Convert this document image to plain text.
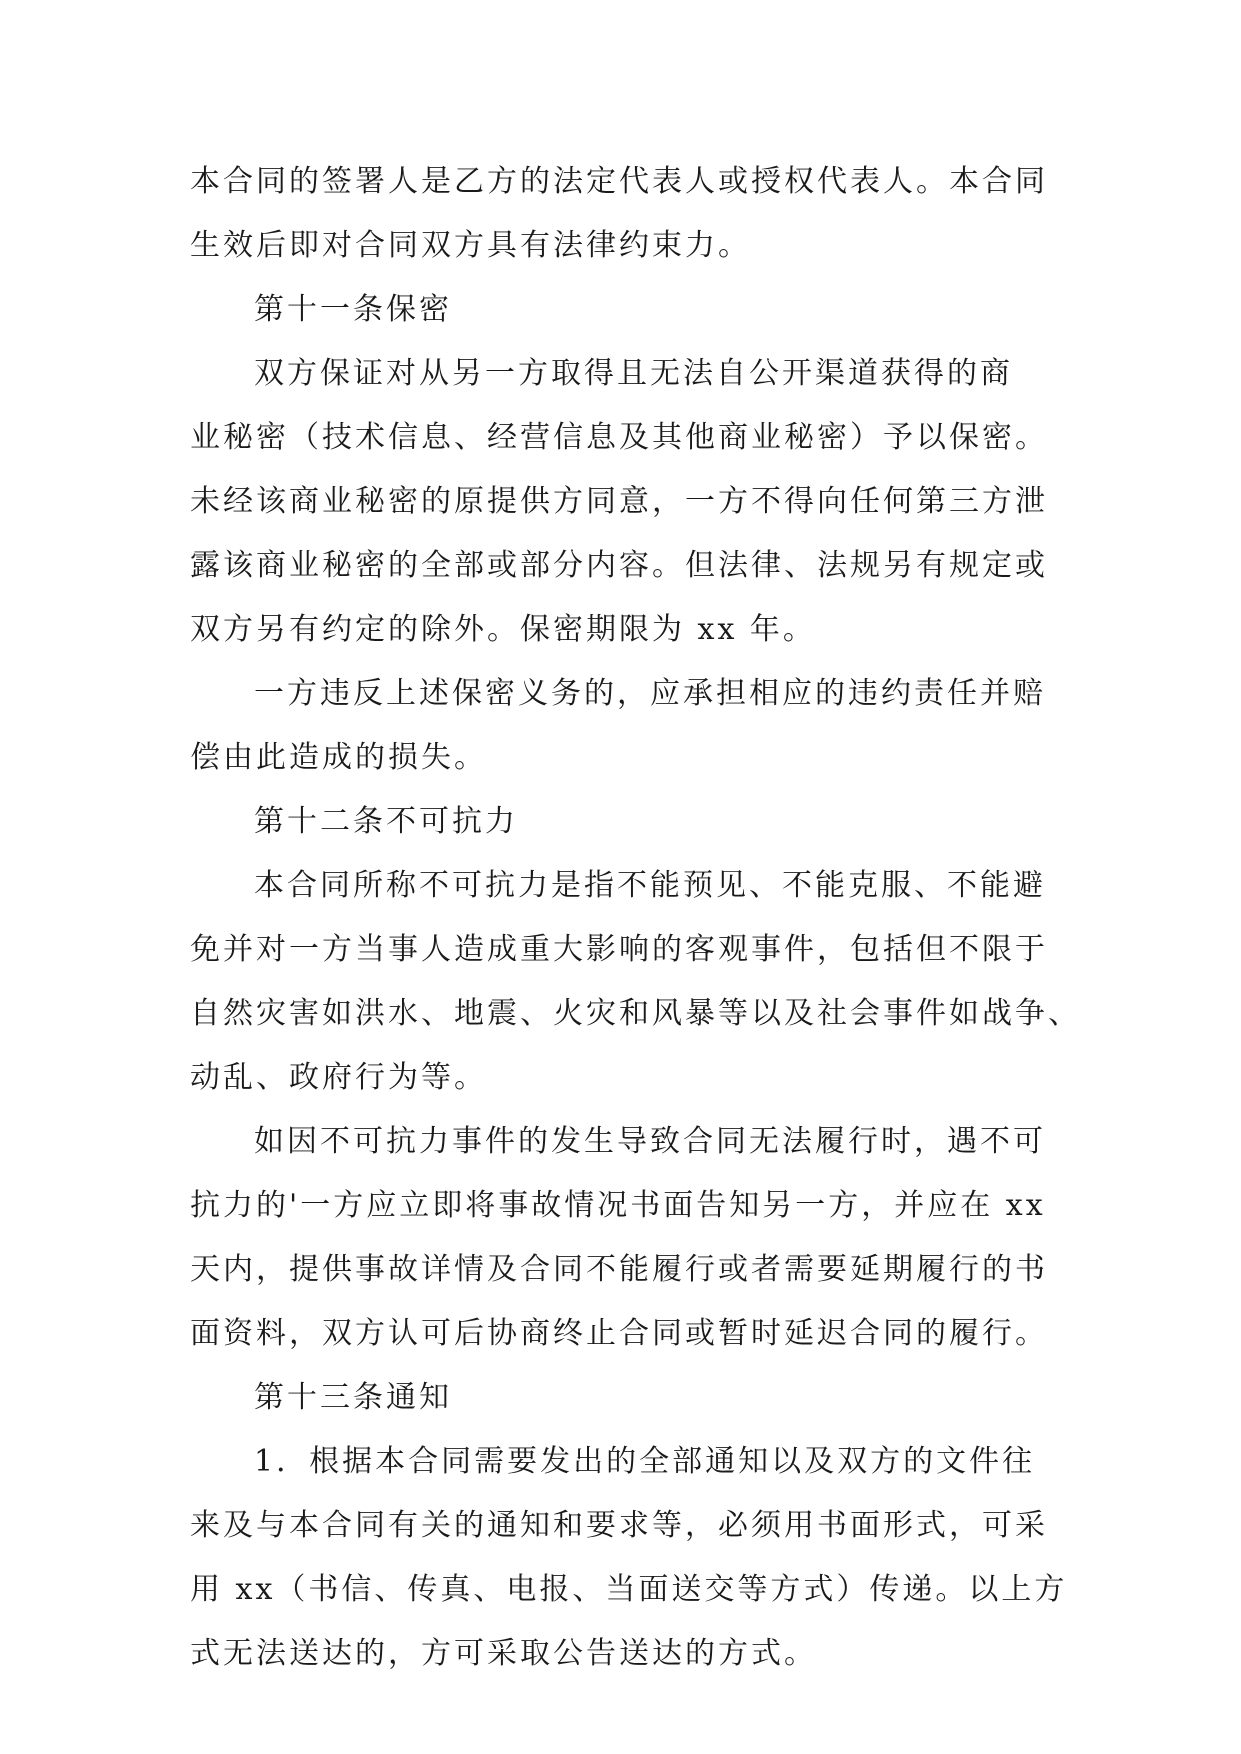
本合同的签署人是乙方的法定代表人或授权代表人。本合同
生效后即对合同双方具有法律约束力。
第十一条保密
双方保证对从另一方取得且无法自公开渠道获得的商
业秘密（技术信息、经营信息及其他商业秘密）予以保密。
未经该商业秘密的原提供方同意，一方不得向任何第三方泄
露该商业秘密的全部或部分内容。但法律、法规另有规定或
双方另有约定的除外。保密期限为 xx 年。
一方违反上述保密义务的，应承担相应的违约责任并赔
偿由此造成的损失。
第十二条不可抗力
本合同所称不可抗力是指不能预见、不能克服、不能避
免并对一方当事人造成重大影响的客观事件，包括但不限于
自然灾害如洪水、地震、火灾和风暴等以及社会事件如战争、
动乱、政府行为等。
如因不可抗力事件的发生导致合同无法履行时，遇不可
抗力的'一方应立即将事故情况书面告知另一方，并应在 xx
天内，提供事故详情及合同不能履行或者需要延期履行的书
面资料，双方认可后协商终止合同或暂时延迟合同的履行。
第十三条通知
1．根据本合同需要发出的全部通知以及双方的文件往
来及与本合同有关的通知和要求等，必须用书面形式，可采
用 xx（书信、传真、电报、当面送交等方式）传递。以上方
式无法送达的，方可采取公告送达的方式。
